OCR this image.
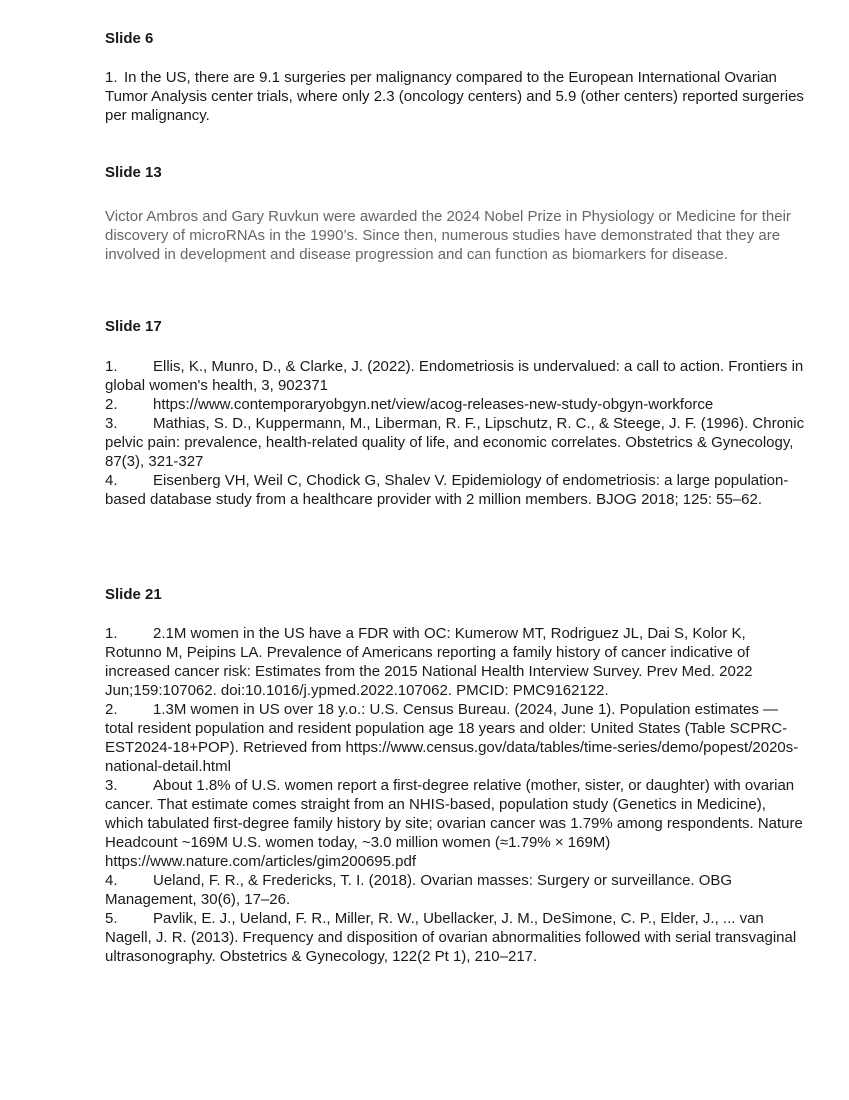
Slide 6

1. In the US, there are 9.1 surgeries per malignancy compared to the European International Ovarian Tumor Analysis center trials, where only 2.3 (oncology centers) and 5.9 (other centers) reported surgeries per malignancy.

Slide 13

Victor Ambros and Gary Ruvkun were awarded the 2024 Nobel Prize in Physiology or Medicine for their discovery of microRNAs in the 1990’s. Since then, numerous studies have demonstrated that they are involved in development and disease progression and can function as biomarkers for disease.

Slide 17

1. Ellis, K., Munro, D., & Clarke, J. (2022). Endometriosis is undervalued: a call to action. Frontiers in global women's health, 3, 902371

2. https://www.contemporaryobgyn.net/view/acog-releases-new-study-obgyn-workforce

3. Mathias, S. D., Kuppermann, M., Liberman, R. F., Lipschutz, R. C., & Steege, J. F. (1996). Chronic pelvic pain: prevalence, health-related quality of life, and economic correlates. Obstetrics & Gynecology, 87(3), 321-327

4. Eisenberg VH, Weil C, Chodick G, Shalev V. Epidemiology of endometriosis: a large population-based database study from a healthcare provider with 2 million members. BJOG 2018; 125: 55–62.

Slide 21

1. 2.1M women in the US have a FDR with OC: Kumerow MT, Rodriguez JL, Dai S, Kolor K, Rotunno M, Peipins LA. Prevalence of Americans reporting a family history of cancer indicative of increased cancer risk: Estimates from the 2015 National Health Interview Survey. Prev Med. 2022 Jun;159:107062. doi:10.1016/j.ypmed.2022.107062. PMCID: PMC9162122.

2. 1.3M women in US over 18 y.o.: U.S. Census Bureau. (2024, June 1). Population estimates — total resident population and resident population age 18 years and older: United States (Table SCPRC-EST2024-18+POP). Retrieved from https://www.census.gov/data/tables/time-series/demo/popest/2020s-national-detail.html

3. About 1.8% of U.S. women report a first-degree relative (mother, sister, or daughter) with ovarian cancer. That estimate comes straight from an NHIS-based, population study (Genetics in Medicine), which tabulated first-degree family history by site; ovarian cancer was 1.79% among respondents. Nature Headcount ~169M U.S. women today, ~3.0 million women (≈1.79% × 169M) https://www.nature.com/articles/gim200695.pdf

4. Ueland, F. R., & Fredericks, T. I. (2018). Ovarian masses: Surgery or surveillance. OBG Management, 30(6), 17–26.

5. Pavlik, E. J., Ueland, F. R., Miller, R. W., Ubellacker, J. M., DeSimone, C. P., Elder, J., ... van Nagell, J. R. (2013). Frequency and disposition of ovarian abnormalities followed with serial transvaginal ultrasonography. Obstetrics & Gynecology, 122(2 Pt 1), 210–217.
